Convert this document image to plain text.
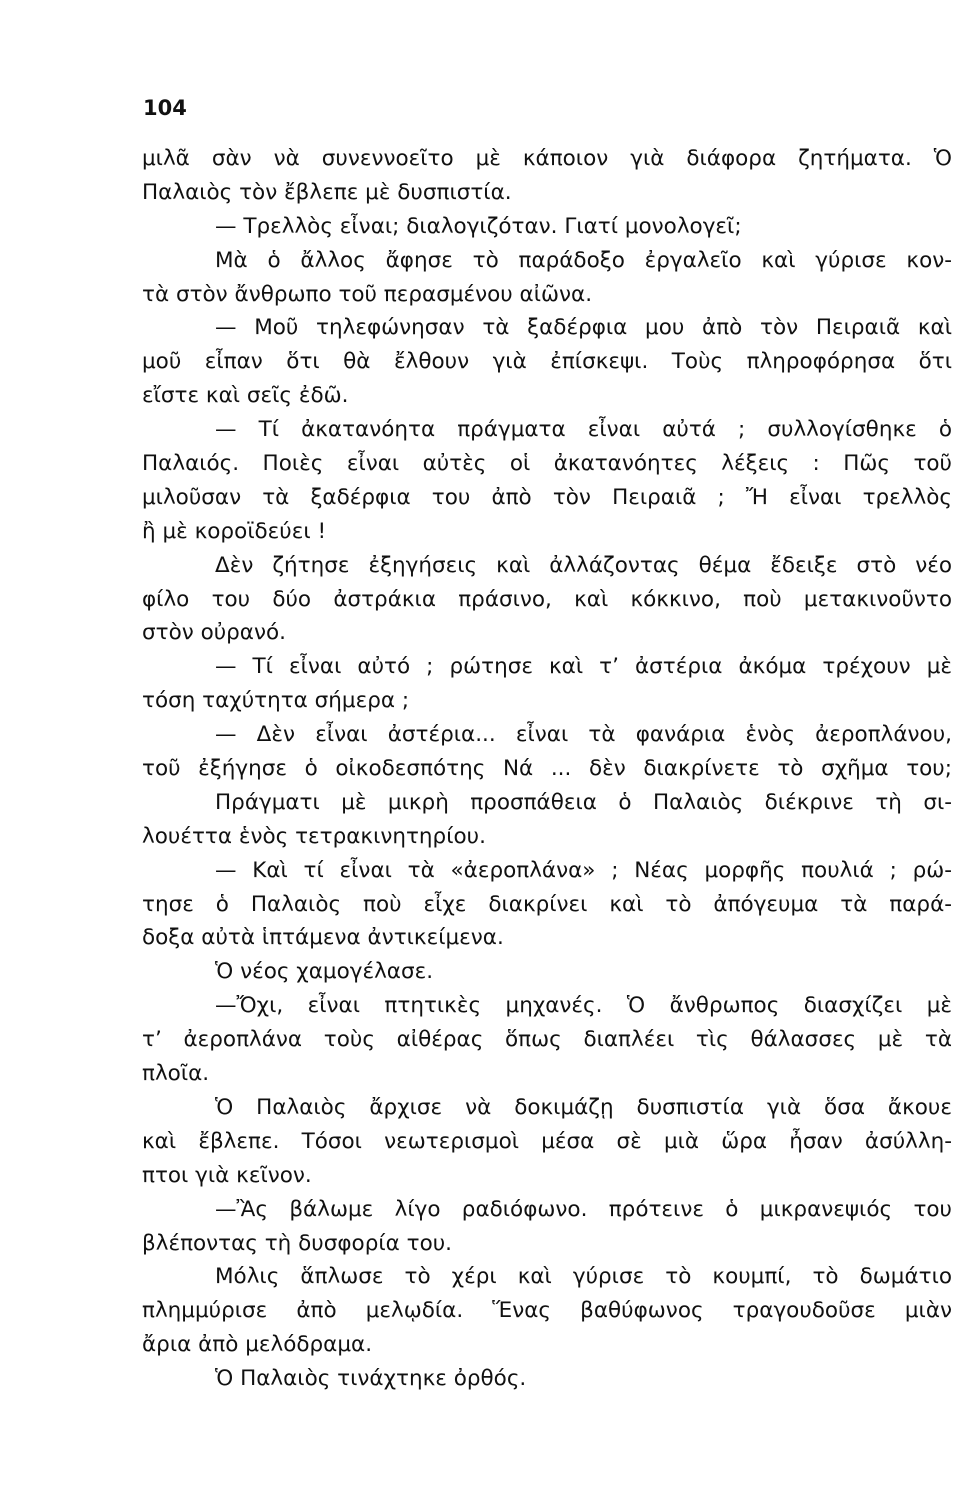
104
μιλᾶ σὰν νὰ συνεννοεῖτο μὲ κάποιον γιὰ διάφορα ζητήματα. Ὁ
Παλαιὸς τὸν ἔβλεπε μὲ δυσπιστία.
— Τρελλὸς εἶναι; διαλογιζόταν. Γιατί μονολογεῖ;
Μὰ ὁ ἄλλος ἄφησε τὸ παράδοξο ἐργαλεῖο καὶ γύρισε κον-
τὰ στὸν ἄνθρωπο τοῦ περασμένου αἰῶνα.
— Μοῦ τηλεφώνησαν τὰ ξαδέρφια μου ἀπὸ τὸν Πειραιᾶ καὶ
μοῦ εἶπαν ὅτι θὰ ἔλθουν γιὰ ἐπίσκεψι. Τοὺς πληροφόρησα ὅτι
εἴστε καὶ σεῖς ἐδῶ.
— Τί ἀκατανόητα πράγματα εἶναι αὐτά ; συλλογίσθηκε ὁ
Παλαιός. Ποιὲς εἶναι αὐτὲς οἱ ἀκατανόητες λέξεις : Πῶς τοῦ
μιλοῦσαν τὰ ξαδέρφια του ἀπὸ τὸν Πειραιᾶ ; Ἤ εἶναι τρελλὸς
ἢ μὲ κοροϊδεύει !
Δὲν ζήτησε ἐξηγήσεις καὶ ἀλλάζοντας θέμα ἔδειξε στὸ νέο
φίλο του δύο ἀστράκια πράσινο, καὶ κόκκινο, ποὺ μετακινοῦντο
στὸν οὐρανό.
— Τί εἶναι αὐτό ; ρώτησε καὶ τ’ ἀστέρια ἀκόμα τρέχουν μὲ
τόση ταχύτητα σήμερα ;
— Δὲν εἶναι ἀστέρια... εἶναι τὰ φανάρια ἑνὸς ἀεροπλάνου,
τοῦ ἐξήγησε ὁ οἰκοδεσπότης Νά ... δὲν διακρίνετε τὸ σχῆμα του;
Πράγματι μὲ μικρὴ προσπάθεια ὁ Παλαιὸς διέκρινε τὴ σι-
λουέττα ἑνὸς τετρακινητηρίου.
— Καὶ τί εἶναι τὰ «ἀεροπλάνα» ; Νέας μορφῆς πουλιά ; ρώ-
τησε ὁ Παλαιὸς ποὺ εἶχε διακρίνει καὶ τὸ ἀπόγευμα τὰ παρά-
δοξα αὐτὰ ἱπτάμενα ἀντικείμενα.
Ὁ νέος χαμογέλασε.
—Ὄχι, εἶναι πτητικὲς μηχανές. Ὁ ἄνθρωπος διασχίζει μὲ
τ’ ἀεροπλάνα τοὺς αἰθέρας ὅπως διαπλέει τὶς θάλασσες μὲ τὰ
πλοῖα.
Ὁ Παλαιὸς ἄρχισε νὰ δοκιμάζῃ δυσπιστία γιὰ ὅσα ἄκουε
καὶ ἔβλεπε. Τόσοι νεωτερισμοὶ μέσα σὲ μιὰ ὥρα ἦσαν ἀσύλλη-
πτοι γιὰ κεῖνον.
—Ἂς βάλωμε λίγο ραδιόφωνο. πρότεινε ὁ μικρανεψιός του
βλέποντας τὴ δυσφορία του.
Μόλις ἅπλωσε τὸ χέρι καὶ γύρισε τὸ κουμπί, τὸ δωμάτιο
πλημμύρισε ἀπὸ μελῳδία. Ἕνας βαθύφωνος τραγουδοῦσε μιὰν
ἄρια ἀπὸ μελόδραμα.
Ὁ Παλαιὸς τινάχτηκε ὀρθός.
